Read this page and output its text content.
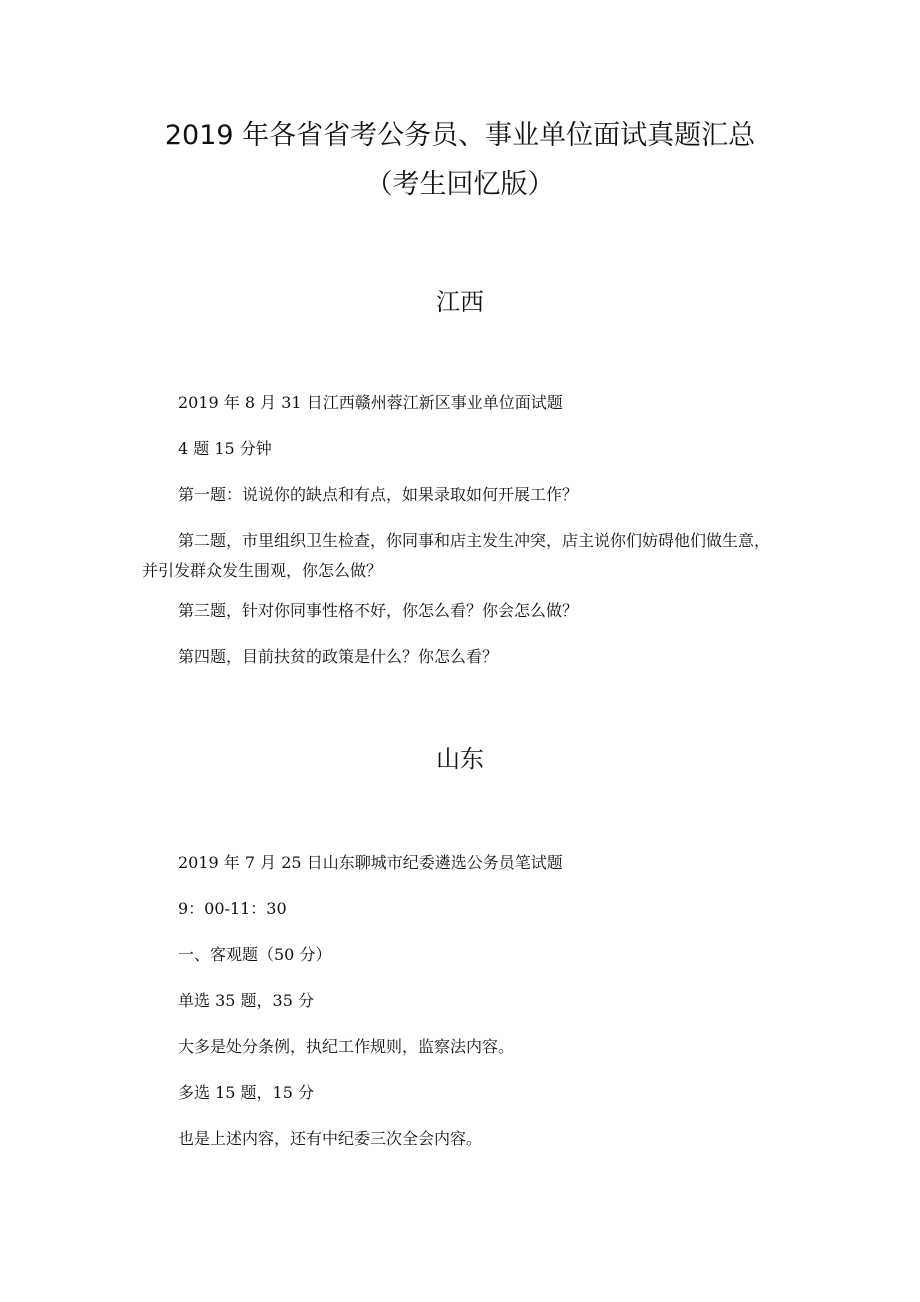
2019 年各省省考公务员、事业单位面试真题汇总
（考生回忆版）
江西

2019 年 8 月 31 日江西赣州蓉江新区事业单位面试题

4 题 15 分钟

第一题：说说你的缺点和有点，如果录取如何开展工作？

第二题，市里组织卫生检查，你同事和店主发生冲突，店主说你们妨碍他们做生意，并引发群众发生围观，你怎么做？

第三题，针对你同事性格不好，你怎么看？你会怎么做？

第四题，目前扶贫的政策是什么？你怎么看？

山东

2019 年 7 月 25 日山东聊城市纪委遴选公务员笔试题

9：00-11：30

一、客观题（50 分）

单选 35 题，35 分

大多是处分条例，执纪工作规则，监察法内容。

多选 15 题，15 分

也是上述内容，还有中纪委三次全会内容。
